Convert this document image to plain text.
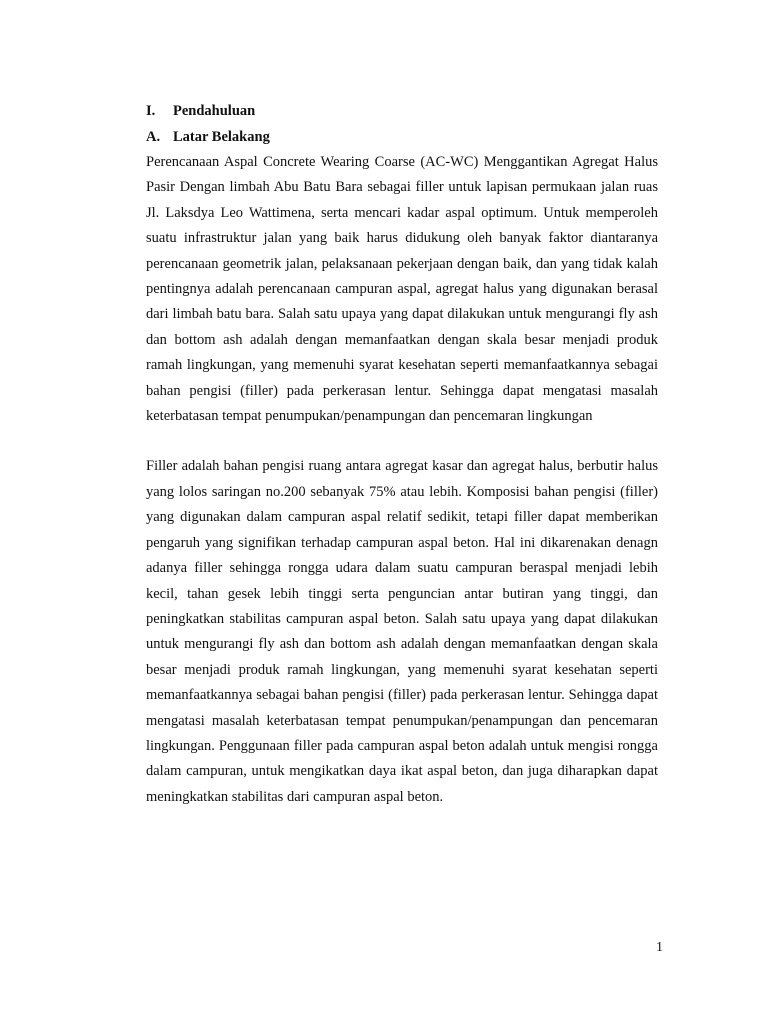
I.	Pendahuluan
A. Latar Belakang

Perencanaan Aspal Concrete Wearing Coarse (AC-WC) Menggantikan Agregat Halus Pasir Dengan limbah Abu Batu Bara sebagai filler untuk lapisan permukaan jalan ruas Jl. Laksdya Leo Wattimena, serta mencari kadar aspal optimum. Untuk memperoleh suatu infrastruktur jalan yang baik harus didukung oleh banyak faktor diantaranya perencanaan geometrik jalan, pelaksanaan pekerjaan dengan baik, dan yang tidak kalah pentingnya adalah perencanaan campuran aspal, agregat halus yang digunakan berasal dari limbah batu bara. Salah satu upaya yang dapat dilakukan untuk mengurangi fly ash dan bottom ash adalah dengan memanfaatkan dengan skala besar menjadi produk ramah lingkungan, yang memenuhi syarat kesehatan seperti memanfaatkannya sebagai bahan pengisi (filler) pada perkerasan lentur. Sehingga dapat mengatasi masalah keterbatasan tempat penumpukan/penampungan dan pencemaran lingkungan

Filler adalah bahan pengisi ruang antara agregat kasar dan agregat halus, berbutir halus yang lolos saringan no.200 sebanyak 75% atau lebih. Komposisi bahan pengisi (filler) yang digunakan dalam campuran aspal relatif sedikit, tetapi filler dapat memberikan pengaruh yang signifikan terhadap campuran aspal beton. Hal ini dikarenakan denagn adanya filler sehingga rongga udara dalam suatu campuran beraspal menjadi lebih kecil, tahan gesek lebih tinggi serta penguncian antar butiran yang tinggi, dan peningkatkan stabilitas campuran aspal beton. Salah satu upaya yang dapat dilakukan untuk mengurangi fly ash dan bottom ash adalah dengan memanfaatkan dengan skala besar menjadi produk ramah lingkungan, yang memenuhi syarat kesehatan seperti memanfaatkannya sebagai bahan pengisi (filler) pada perkerasan lentur. Sehingga dapat mengatasi masalah keterbatasan tempat penumpukan/penampungan dan pencemaran lingkungan. Penggunaan filler pada campuran aspal beton adalah untuk mengisi rongga dalam campuran, untuk mengikatkan daya ikat aspal beton, dan juga diharapkan dapat meningkatkan stabilitas dari campuran aspal beton.

1
